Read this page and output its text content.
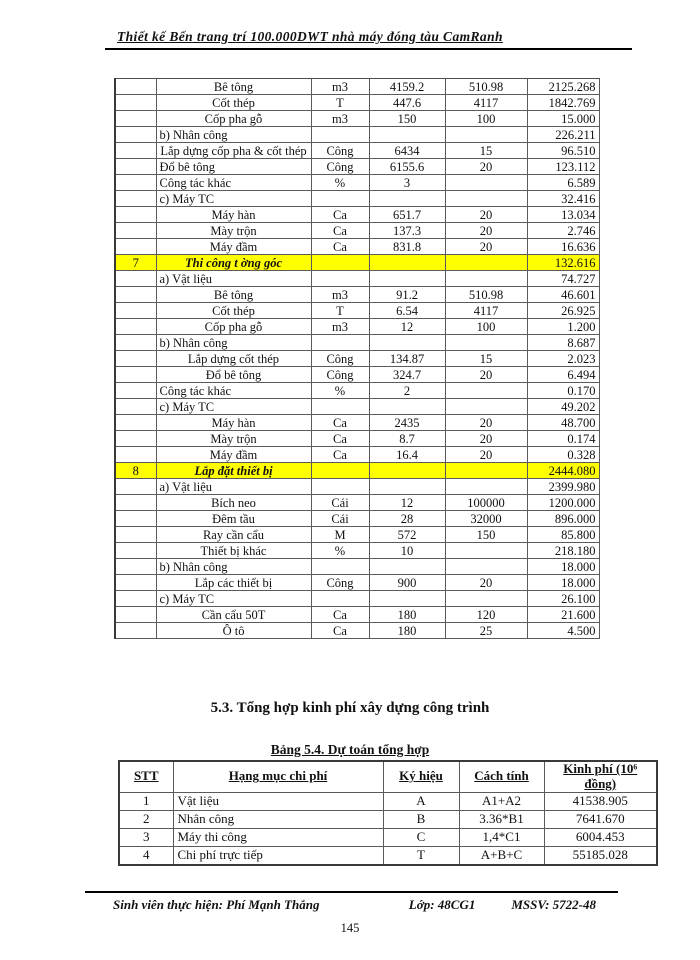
Thiết kế Bến trang trí 100.000DWT nhà máy đóng tàu CamRanh
	Bê tông	m3	4159.2	510.98	2125.268
	Cốt thép	T	447.6	4117	1842.769
	Cốp pha gỗ	m3	150	100	15.000
	b) Nhân công				226.211
	Lắp dựng cốp pha & cốt thép	Công	6434	15	96.510
	Đổ bê tông	Công	6155.6	20	123.112
	Công tác khác	%	3		6.589
	c) Máy TC				32.416
	Máy hàn	Ca	651.7	20	13.034
	Mày trộn	Ca	137.3	20	2.746
	Máy đầm	Ca	831.8	20	16.636
7	Thi công t ờng góc				132.616
	a) Vật liệu				74.727
	Bê tông	m3	91.2	510.98	46.601
	Cốt thép	T	6.54	4117	26.925
	Cốp pha gỗ	m3	12	100	1.200
	b) Nhân công				8.687
	Lắp dựng cốt thép	Công	134.87	15	2.023
	Đổ bê tông	Công	324.7	20	6.494
	Công tác khác	%	2		0.170
	c) Máy TC				49.202
	Máy hàn	Ca	2435	20	48.700
	Mày trộn	Ca	8.7	20	0.174
	Máy đầm	Ca	16.4	20	0.328
8	Lắp đặt thiết bị				2444.080
	a) Vật liệu				2399.980
	Bích neo	Cái	12	100000	1200.000
	Đêm tầu	Cái	28	32000	896.000
	Ray cần cẩu	M	572	150	85.800
	Thiết bị khác	%	10		218.180
	b) Nhân công				18.000
	Lắp các thiết bị	Công	900	20	18.000
	c) Máy TC				26.100
	Cần cẩu 50T	Ca	180	120	21.600
	Ô tô	Ca	180	25	4.500
5.3. Tổng hợp kinh phí xây dựng công trình
Bảng 5.4. Dự toán tổng hợp
STT	Hạng mục chi phí	Ký hiệu	Cách tính	Kinh phí (10⁶ đồng)
1	Vật liệu	A	A1+A2	41538.905
2	Nhân công	B	3.36*B1	7641.670
3	Máy thi công	C	1,4*C1	6004.453
4	Chi phí trực tiếp	T	A+B+C	55185.028
Sinh viên thực hiện: Phí Mạnh Thắng	Lớp: 48CG1	MSSV: 5722-48
145
